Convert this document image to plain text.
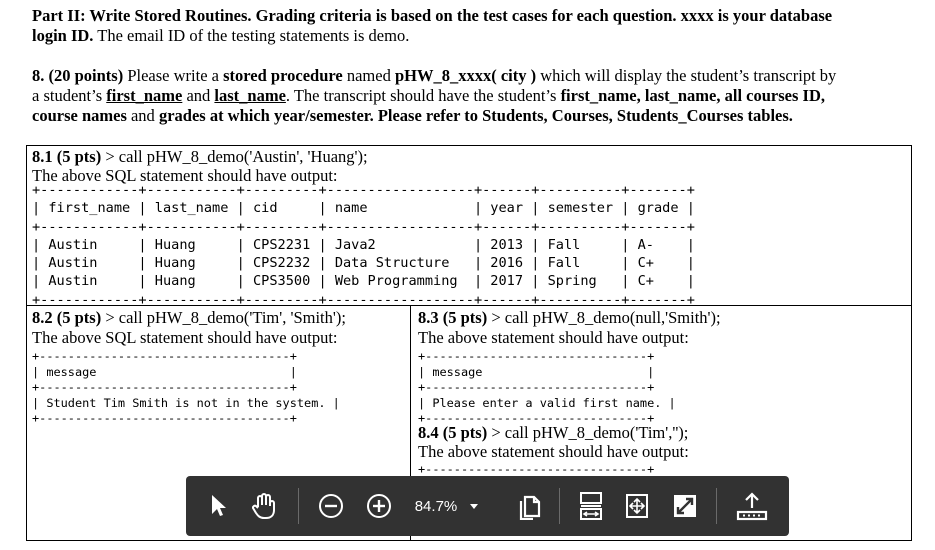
Part II: Write Stored Routines. Grading criteria is based on the test cases for each question. xxxx is your database
login ID. The email ID of the testing statements is demo.

8. (20 points) Please write a stored procedure named pHW_8_xxxx( city ) which will display the student’s transcript by
a student’s first_name and last_name. The transcript should have the student’s first_name, last_name, all courses ID,
course names and grades at which year/semester. Please refer to Students, Courses, Students_Courses tables.

8.1 (5 pts) > call pHW_8_demo('Austin', 'Huang');
The above SQL statement should have output:
+------------+-----------+---------+------------------+------+----------+-------+
| first_name | last_name | cid     | name             | year | semester | grade |
+------------+-----------+---------+------------------+------+----------+-------+
| Austin     | Huang     | CPS2231 | Java2            | 2013 | Fall     | A-    |
| Austin     | Huang     | CPS2232 | Data Structure   | 2016 | Fall     | C+    |
| Austin     | Huang     | CPS3500 | Web Programming  | 2017 | Spring   | C+    |
+------------+-----------+---------+------------------+------+----------+-------+
8.2 (5 pts) > call pHW_8_demo('Tim', 'Smith');
The above SQL statement should have output:
+-----------------------------------+
| message                           |
+-----------------------------------+
| Student Tim Smith is not in the system. |
+-----------------------------------+
8.3 (5 pts) > call pHW_8_demo(null,'Smith');
The above statement should have output:
+-------------------------------+
| message                       |
+-------------------------------+
| Please enter a valid first name. |
+-------------------------------+
8.4 (5 pts) > call pHW_8_demo('Tim','');
The above statement should have output:
+-------------------------------+
84.7%
